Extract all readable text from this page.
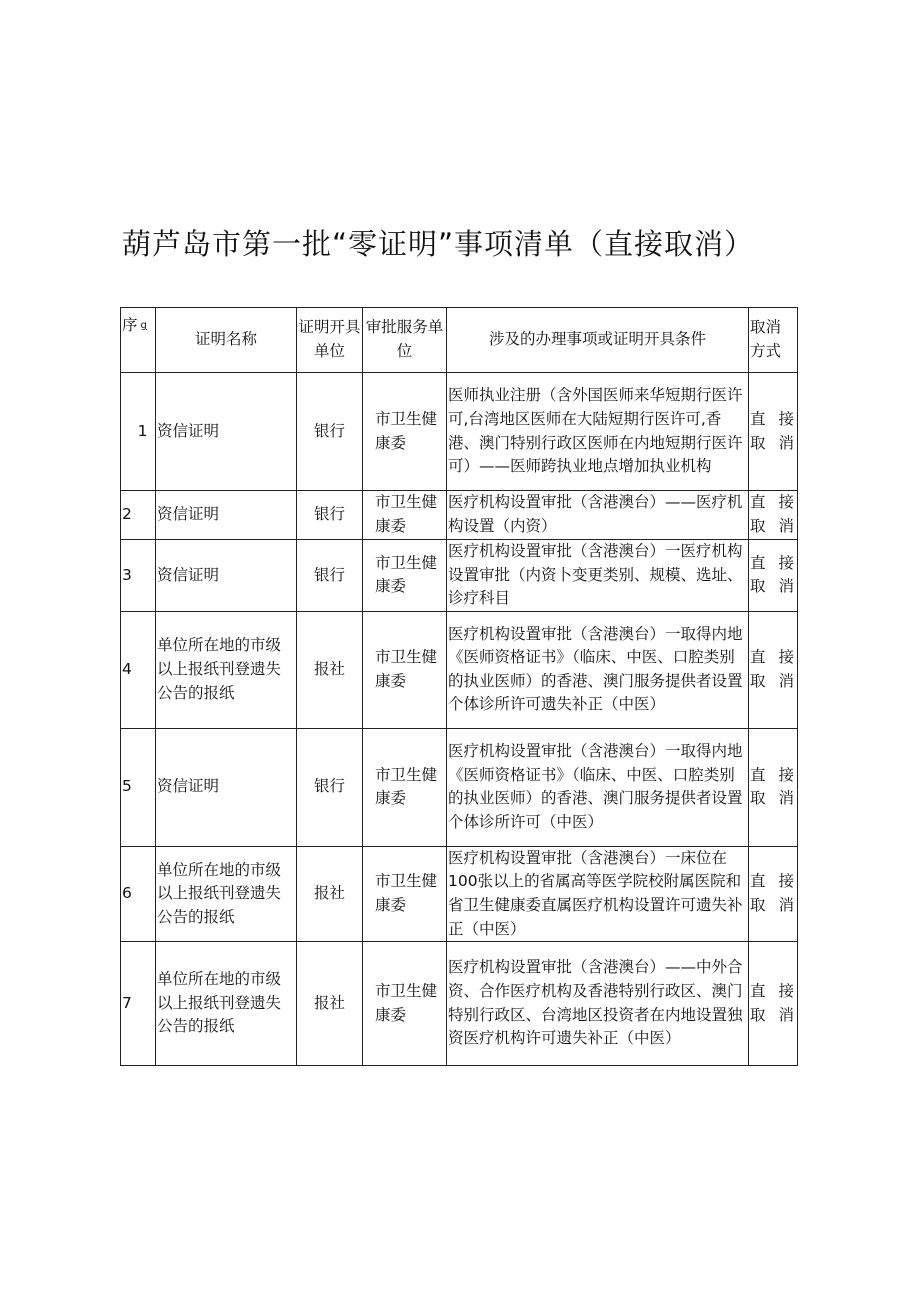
葫芦岛市第一批“零证明”事项清单（直接取消）
序 g	证明名称	证明开具单位	审批服务单位	涉及的办理事项或证明开具条件	取消方式
1	资信证明	银行	市卫生健康委	医师执业注册（含外国医师来华短期行医许可,台湾地区医师在大陆短期行医许可,香港、澳门特别行政区医师在内地短期行医许可）——医师跨执业地点增加执业机构	直接取消
2	资信证明	银行	市卫生健康委	医疗机构设置审批（含港澳台）——医疗机构设置（内资）	直接取消
3	资信证明	银行	市卫生健康委	医疗机构设置审批（含港澳台）一医疗机构设置审批（内资卜变更类别、规模、选址、诊疗科目	直接取消
4	单位所在地的市级以上报纸刊登遗失公告的报纸	报社	市卫生健康委	医疗机构设置审批（含港澳台）一取得内地《医师资格证书》（临床、中医、口腔类别的执业医师）的香港、澳门服务提供者设置个体诊所许可遗失补正（中医）	直接取消
5	资信证明	银行	市卫生健康委	医疗机构设置审批（含港澳台）一取得内地《医师资格证书》（临床、中医、口腔类别的执业医师）的香港、澳门服务提供者设置个体诊所许可（中医）	直接取消
6	单位所在地的市级以上报纸刊登遗失公告的报纸	报社	市卫生健康委	医疗机构设置审批（含港澳台）一床位在100张以上的省属高等医学院校附属医院和省卫生健康委直属医疗机构设置许可遗失补正（中医）	直接取消
7	单位所在地的市级以上报纸刊登遗失公告的报纸	报社	市卫生健康委	医疗机构设置审批（含港澳台）——中外合资、合作医疗机构及香港特别行政区、澳门特别行政区、台湾地区投资者在内地设置独资医疗机构许可遗失补正（中医）	直接取消
